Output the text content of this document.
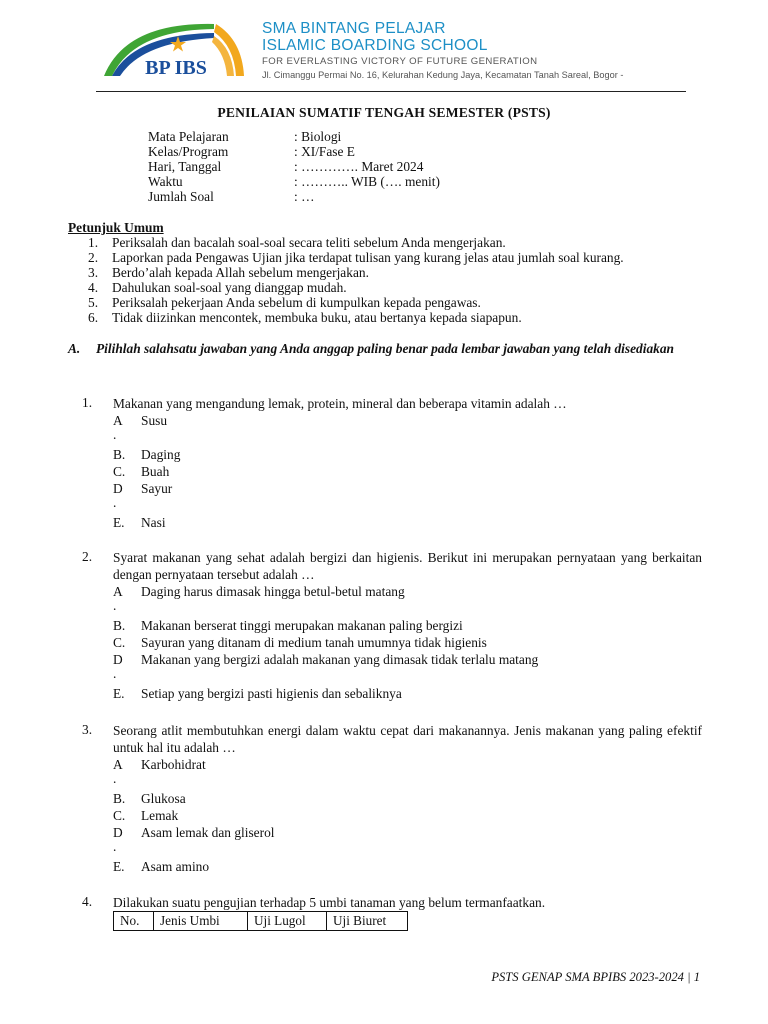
BP IBS
SMA BINTANG PELAJAR
ISLAMIC BOARDING SCHOOL
FOR EVERLASTING VICTORY OF FUTURE GENERATION
Jl. Cimanggu Permai No. 16, Kelurahan Kedung Jaya, Kecamatan Tanah Sareal, Bogor -
PENILAIAN SUMATIF TENGAH SEMESTER (PSTS)
Mata Pelajaran	: Biologi
Kelas/Program	: XI/Fase E
Hari, Tanggal	: …………. Maret 2024
Waktu	: ……….. WIB (…. menit)
Jumlah Soal	: …
Petunjuk Umum
1. Periksalah dan bacalah soal-soal secara teliti sebelum Anda mengerjakan.
2. Laporkan pada Pengawas Ujian jika terdapat tulisan yang kurang jelas atau jumlah soal kurang.
3. Berdo’alah kepada Allah sebelum mengerjakan.
4. Dahulukan soal-soal yang dianggap mudah.
5. Periksalah pekerjaan Anda sebelum di kumpulkan kepada pengawas.
6. Tidak diizinkan mencontek, membuka buku, atau bertanya kepada siapapun.
A. Pilihlah salahsatu jawaban yang Anda anggap paling benar pada lembar jawaban yang telah disediakan
1. Makanan yang mengandung lemak, protein, mineral dan beberapa vitamin adalah …
A Susu
.
B. Daging
C. Buah
D Sayur
.
E. Nasi
2. Syarat makanan yang sehat adalah bergizi dan higienis. Berikut ini merupakan pernyataan yang berkaitan dengan pernyataan tersebut adalah …
A Daging harus dimasak hingga betul-betul matang
.
B. Makanan berserat tinggi merupakan makanan paling bergizi
C. Sayuran yang ditanam di medium tanah umumnya tidak higienis
D Makanan yang bergizi adalah makanan yang dimasak tidak terlalu matang
.
E. Setiap yang bergizi pasti higienis dan sebaliknya
3. Seorang atlit membutuhkan energi dalam waktu cepat dari makanannya. Jenis makanan yang paling efektif untuk hal itu adalah …
A Karbohidrat
.
B. Glukosa
C. Lemak
D Asam lemak dan gliserol
.
E. Asam amino
4. Dilakukan suatu pengujian terhadap 5 umbi tanaman yang belum termanfaatkan.
No.	Jenis Umbi	Uji Lugol	Uji Biuret
PSTS GENAP SMA BPIBS 2023-2024 | 1
